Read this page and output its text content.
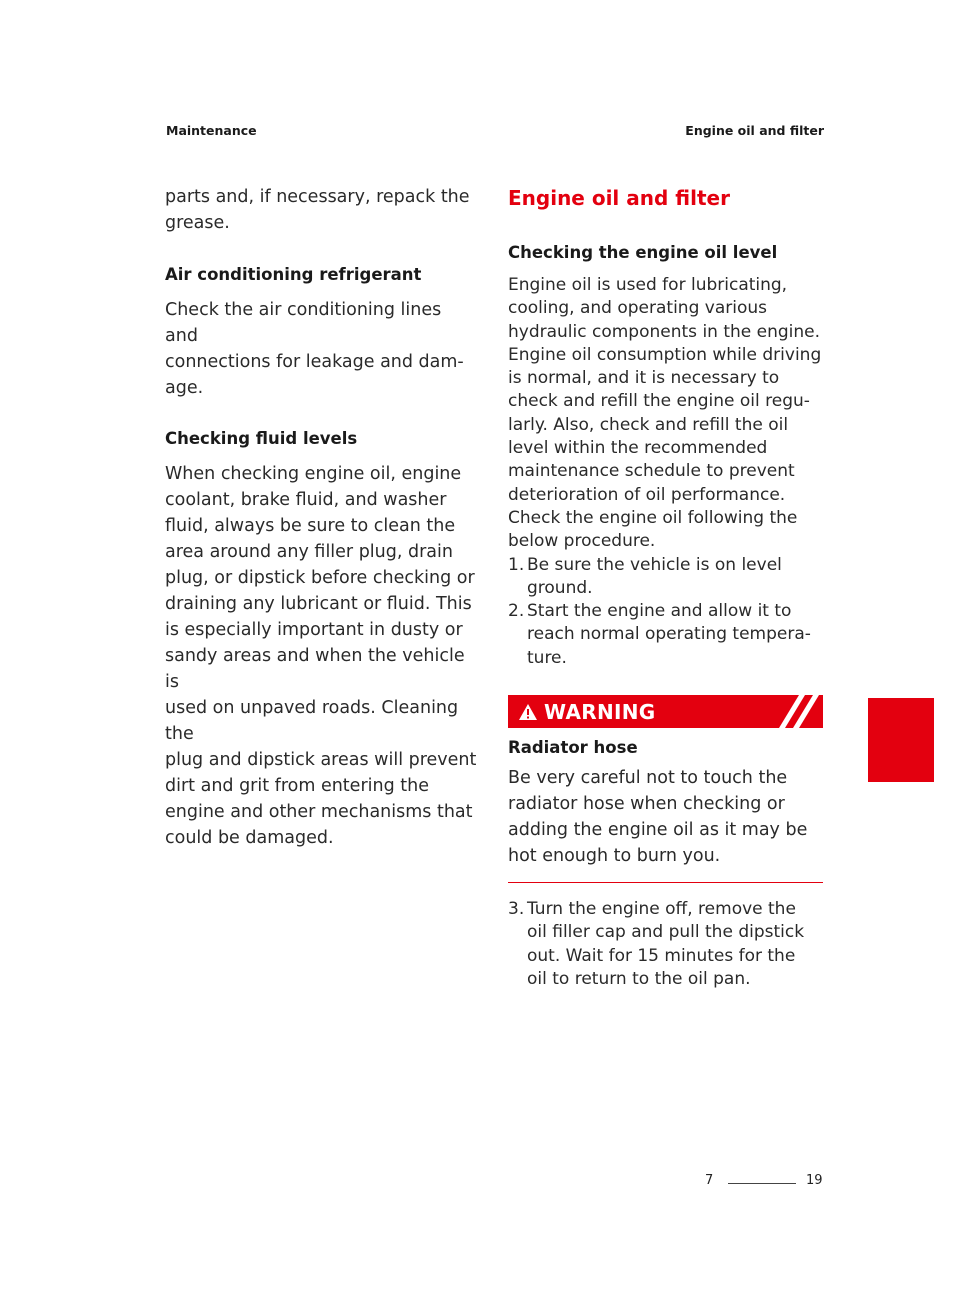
Maintenance	Engine oil and filter

parts and, if necessary, repack the

grease.

Air conditioning refrigerant

Check the air conditioning lines and

connections for leakage and dam-

age.

Checking fluid levels

When checking engine oil, engine

coolant, brake fluid, and washer

fluid, always be sure to clean the

area around any filler plug, drain

plug, or dipstick before checking or

draining any lubricant or fluid. This

is especially important in dusty or

sandy areas and when the vehicle is

used on unpaved roads. Cleaning the

plug and dipstick areas will prevent

dirt and grit from entering the

engine and other mechanisms that

could be damaged.

Engine oil and filter

Checking the engine oil level

Engine oil is used for lubricating,

cooling, and operating various

hydraulic components in the engine.

Engine oil consumption while driving

is normal, and it is necessary to

check and refill the engine oil regu-

larly. Also, check and refill the oil

level within the recommended

maintenance schedule to prevent

deterioration of oil performance.

Check the engine oil following the

below procedure.

1. Be sure the vehicle is on level
ground.
2. Start the engine and allow it to
reach normal operating tempera-
ture.
WARNING

Radiator hose

Be very careful not to touch the

radiator hose when checking or

adding the engine oil as it may be

hot enough to burn you.

3. Turn the engine off, remove the
oil filler cap and pull the dipstick
out. Wait for 15 minutes for the
oil to return to the oil pan.
7
7	19
